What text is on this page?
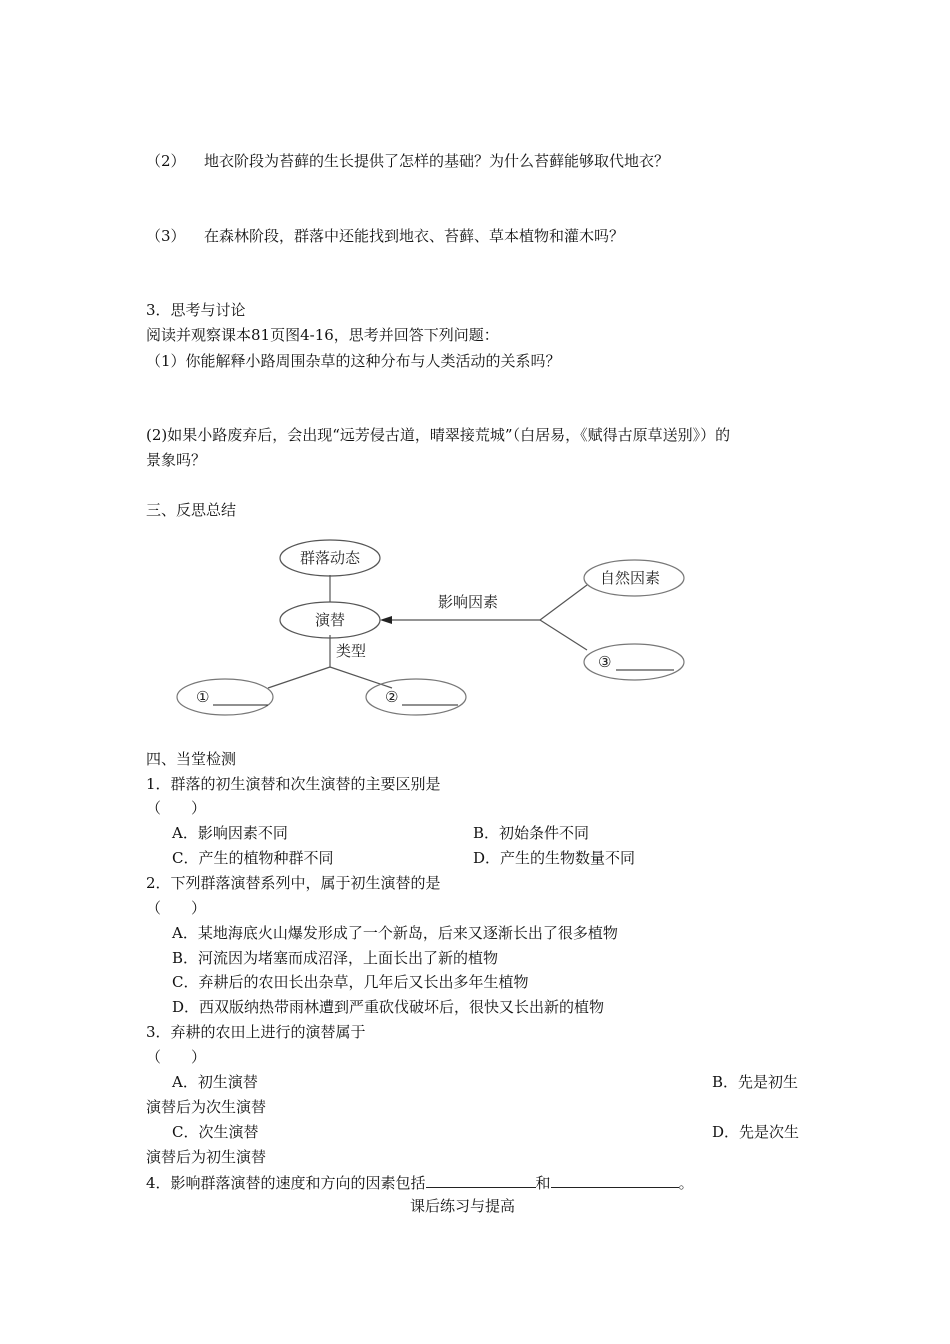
（2） 地衣阶段为苔藓的生长提供了怎样的基础？为什么苔藓能够取代地衣？
（3） 在森林阶段，群落中还能找到地衣、苔藓、草本植物和灌木吗？
3．思考与讨论
阅读并观察课本81页图4-16，思考并回答下列问题：
（1）你能解释小路周围杂草的这种分布与人类活动的关系吗？
(2)如果小路废弃后，会出现“远芳侵古道，晴翠接荒城”（白居易，《赋得古原草送别》）的
景象吗？
三、反思总结
群落动态
演替
类型
影响因素
自然因素
③
①	②
四、当堂检测
1．群落的初生演替和次生演替的主要区别是
（　　）
A．影响因素不同	B．初始条件不同
C．产生的植物种群不同	D．产生的生物数量不同
2．下列群落演替系列中，属于初生演替的是
（　　）
A．某地海底火山爆发形成了一个新岛，后来又逐渐长出了很多植物
B．河流因为堵塞而成沼泽，上面长出了新的植物
C．弃耕后的农田长出杂草，几年后又长出多年生植物
D．西双版纳热带雨林遭到严重砍伐破坏后，很快又长出新的植物
3．弃耕的农田上进行的演替属于
（　　）
A．初生演替	B．先是初生
演替后为次生演替
C．次生演替	D．先是次生
演替后为初生演替
4．影响群落演替的速度和方向的因素包括	和	。
课后练习与提高
